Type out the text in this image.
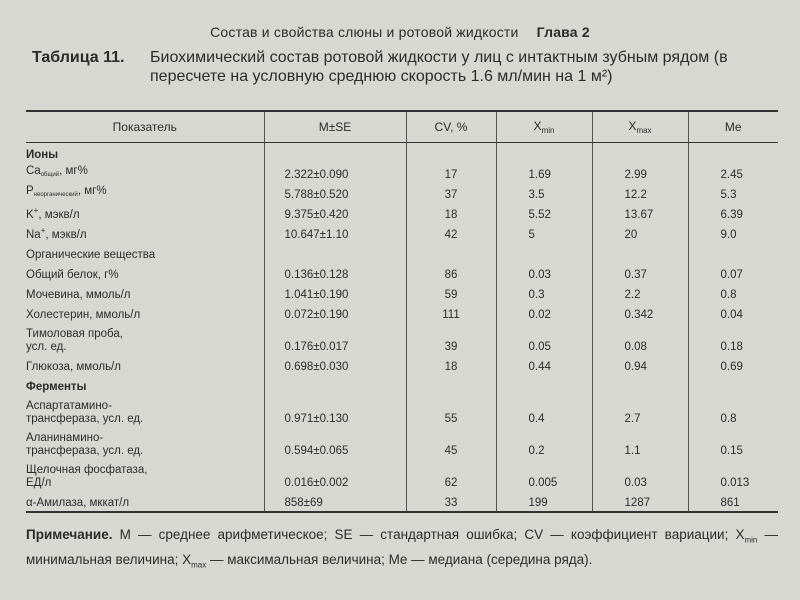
Состав и свойства слюны и ротовой жидкости Глава 2
Таблица 11. Биохимический состав ротовой жидкости у лиц с интактным зубным рядом (в пересчете на условную среднюю скорость 1.6 мл/мин на 1 м²)
Показатель	M±SE	CV, %	$X_{min}$	$X_{max}$	Me
Ионы					
$Ca_{общий}$, мг%	2.322±0.090	17	1.69	2.99	2.45
$P_{неорганический}$, мг%	5.788±0.520	37	3.5	12.2	5.3
K+, мэкв/л	9.375±0.420	18	5.52	13.67	6.39
Na+, мэкв/л	10.647±1.10	42	5	20	9.0
Органические вещества					
Общий белок, г%	0.136±0.128	86	0.03	0.37	0.07
Мочевина, ммоль/л	1.041±0.190	59	0.3	2.2	0.8
Холестерин, ммоль/л	0.072±0.190	111	0.02	0.342	0.04
Тимоловая проба,
усл. ед.	0.176±0.017	39	0.05	0.08	0.18
Глюкоза, ммоль/л	0.698±0.030	18	0.44	0.94	0.69
Ферменты					
Аспартатамино-
трансфераза, усл. ед.	0.971±0.130	55	0.4	2.7	0.8
Аланинамино-
трансфераза, усл. ед.	0.594±0.065	45	0.2	1.1	0.15
Щелочная фосфатаза,
ЕД/л	0.016±0.002	62	0.005	0.03	0.013
α-Амилаза, мккат/л	858±69	33	199	1287	861
Примечание. M — среднее арифметическое; SE — стандартная ошибка; CV — коэффициент вариации; $X_{min}$ — минимальная величина; $X_{max}$ — максимальная величина; Me — медиана (середина ряда).
